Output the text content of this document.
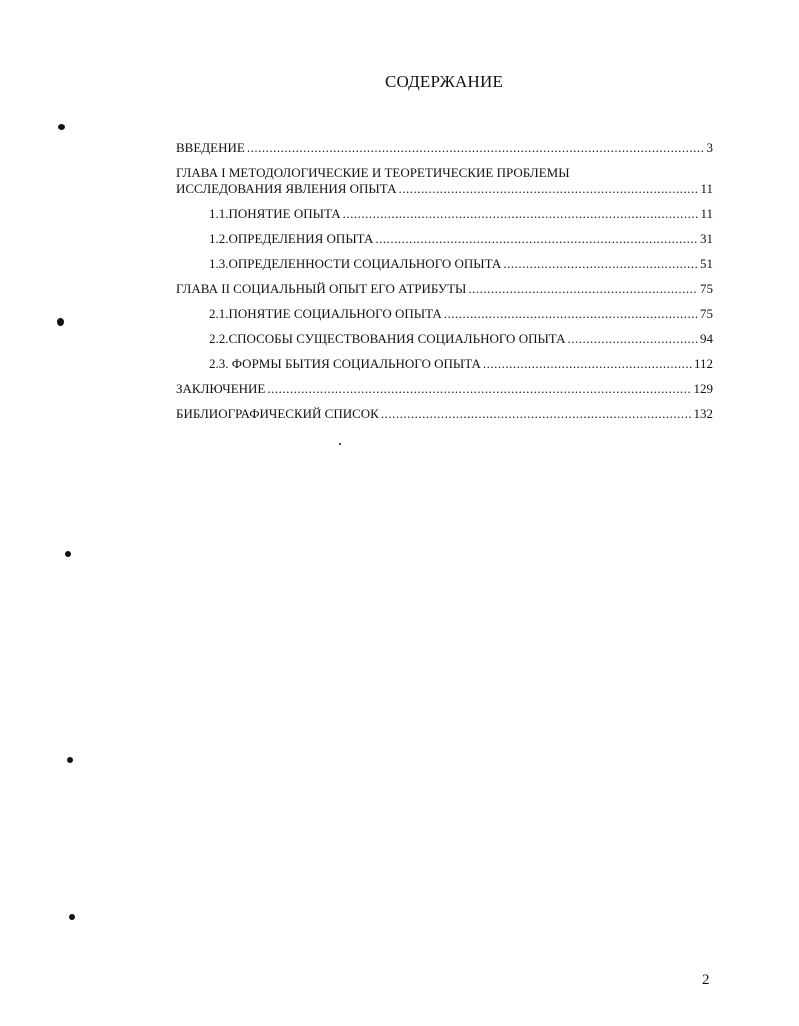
СОДЕРЖАНИЕ
ВВЕДЕНИЕ .....	3
ГЛАВА I МЕТОДОЛОГИЧЕСКИЕ И ТЕОРЕТИЧЕСКИЕ ПРОБЛЕМЫ
ИССЛЕДОВАНИЯ ЯВЛЕНИЯ ОПЫТА .....	11
1.1.ПОНЯТИЕ ОПЫТА .....	11
1.2.ОПРЕДЕЛЕНИЯ ОПЫТА .....	31
1.3.ОПРЕДЕЛЕННОСТИ СОЦИАЛЬНОГО ОПЫТА .....	51
ГЛАВА II СОЦИАЛЬНЫЙ ОПЫТ ЕГО АТРИБУТЫ .....	75
2.1.ПОНЯТИЕ СОЦИАЛЬНОГО ОПЫТА .....	75
2.2.СПОСОБЫ СУЩЕСТВОВАНИЯ СОЦИАЛЬНОГО ОПЫТА .....	94
2.3. ФОРМЫ БЫТИЯ СОЦИАЛЬНОГО ОПЫТА .....	112
ЗАКЛЮЧЕНИЕ .....	129
БИБЛИОГРАФИЧЕСКИЙ СПИСОК .....	132
2
